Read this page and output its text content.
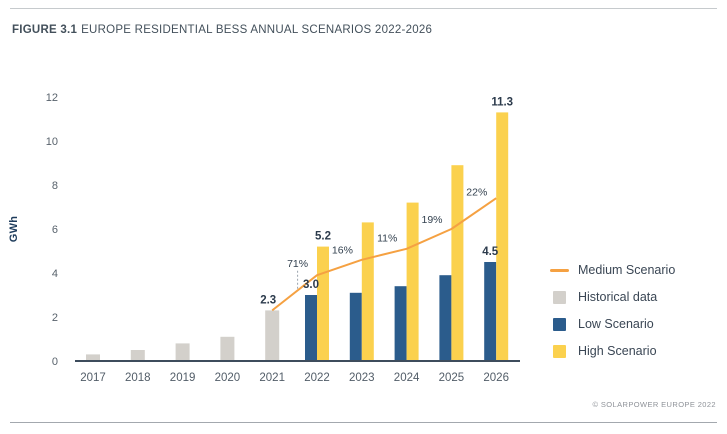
FIGURE 3.1 EUROPE RESIDENTIAL BESS ANNUAL SCENARIOS 2022-2026
0
2
4
6
8
10
12
GWh
2017 2018 2019 2020 2021 2022 2023 2024 2025 2026
71%
16%
11%
19%
22%
2.3
3.0
5.2
4.5
11.3
Medium Scenario
Historical data
Low Scenario
High Scenario
© SOLARPOWER EUROPE 2022
